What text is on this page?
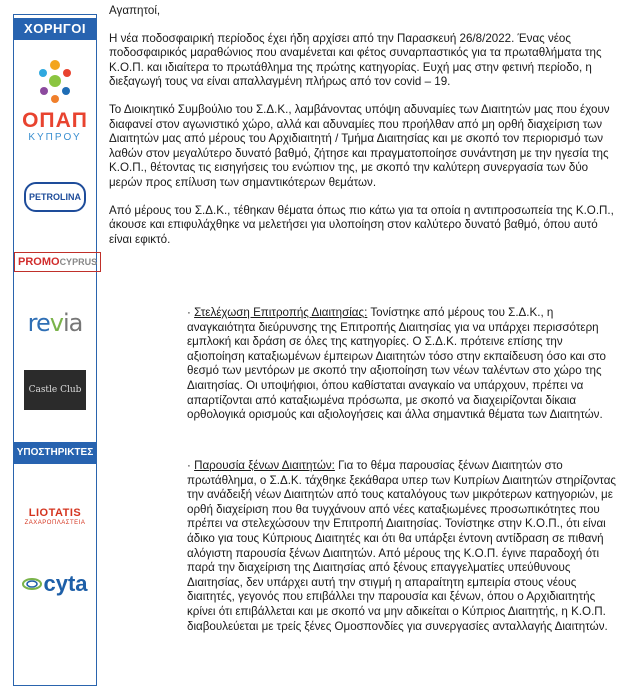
ΧΟΡΗΓΟΙ
ΟΠΑΠ
ΚΥΠΡΟΥ
PETROLINA
PROMOCYPRUS
revia
Castle Club
ΥΠΟΣΤΗΡΙΚΤΕΣ
LIOTATIS
ΖΑΧΑΡΟΠΛΑΣΤΕΙΑ
cyta

Αγαπητοί,

Η νέα ποδοσφαιρική περίοδος έχει ήδη αρχίσει από την Παρασκευή 26/8/2022. Ένας νέος ποδοσφαιρικός μαραθώνιος που αναμένεται και φέτος συναρπαστικός για τα πρωταθλήματα της Κ.Ο.Π. και ιδιαίτερα το πρωτάθλημα της πρώτης κατηγορίας. Ευχή μας στην φετινή περίοδο, η διεξαγωγή τους να είναι απαλλαγμένη πλήρως από τον covid – 19.

Το Διοικητικό Συμβούλιο του Σ.Δ.Κ., λαμβάνοντας υπόψη αδυναμίες των Διαιτητών μας που έχουν διαφανεί στον αγωνιστικό χώρο, αλλά και αδυναμίες που προήλθαν από μη ορθή διαχείριση των Διαιτητών μας από μέρους του Αρχιδιαιτητή / Τμήμα Διαιτησίας και με σκοπό τον περιορισμό των λαθών στον μεγαλύτερο δυνατό βαθμό, ζήτησε και πραγματοποίησε συνάντηση με την ηγεσία της Κ.Ο.Π., θέτοντας τις εισηγήσεις του ενώπιον της, με σκοπό την καλύτερη συνεργασία των δύο μερών προς επίλυση των σημαντικότερων θεμάτων.

Από μέρους του Σ.Δ.Κ., τέθηκαν θέματα όπως πιο κάτω για τα οποία η αντιπροσωπεία της Κ.Ο.Π., άκουσε και επιφυλάχθηκε να μελετήσει για υλοποίηση στον καλύτερο δυνατό βαθμό, όπου αυτό είναι εφικτό.

· Στελέχωση Επιτροπής Διαιτησίας: Τονίστηκε από μέρους του Σ.Δ.Κ., η αναγκαιότητα διεύρυνσης της Επιτροπής Διαιτησίας για να υπάρχει περισσότερη εμπλοκή και δράση σε όλες της κατηγορίες. Ο Σ.Δ.Κ. πρότεινε επίσης την αξιοποίηση καταξιωμένων έμπειρων Διαιτητών τόσο στην εκπαίδευση όσο και στο θεσμό των μεντόρων με σκοπό την αξιοποίηση των νέων ταλέντων στο χώρο της Διαιτησίας. Οι υποψήφιοι, όπου καθίσταται αναγκαίο να υπάρχουν, πρέπει να απαρτίζονται από καταξιωμένα πρόσωπα, με σκοπό να διαχειρίζονται δίκαια ορθολογικά ορισμούς και αξιολογήσεις και άλλα σημαντικά θέματα των Διαιτητών.

· Παρουσία ξένων Διαιτητών: Για το θέμα παρουσίας ξένων Διαιτητών στο πρωτάθλημα, ο Σ.Δ.Κ. τάχθηκε ξεκάθαρα υπερ των Κυπρίων Διαιτητών στηρίζοντας την ανάδειξή νέων Διαιτητών από τους καταλόγους των μικρότερων κατηγοριών, με ορθή διαχείριση που θα τυγχάνουν από νέες καταξιωμένες προσωπικότητες που πρέπει να στελεχώσουν την Επιτροπή Διαιτησίας. Τονίστηκε στην Κ.Ο.Π., ότι είναι άδικο για τους Κύπριους Διαιτητές και ότι θα υπάρξει έντονη αντίδραση σε πιθανή αλόγιστη παρουσία ξένων Διαιτητών. Από μέρους της Κ.Ο.Π. έγινε παραδοχή ότι παρά την διαχείριση της Διαιτησίας από ξένους επαγγελματίες υπεύθυνους Διαιτησίας, δεν υπάρχει αυτή την στιγμή η απαραίτητη εμπειρία στους νέους διαιτητές, γεγονός που επιβάλλει την παρουσία και ξένων, όπου ο Αρχιδιαιτητής κρίνει ότι επιβάλλεται και με σκοπό να μην αδικείται ο Κύπριος Διαιτητής, η Κ.Ο.Π. διαβουλεύεται με τρείς ξένες Ομοσπονδίες για συνεργασίες ανταλλαγής Διαιτητών.
